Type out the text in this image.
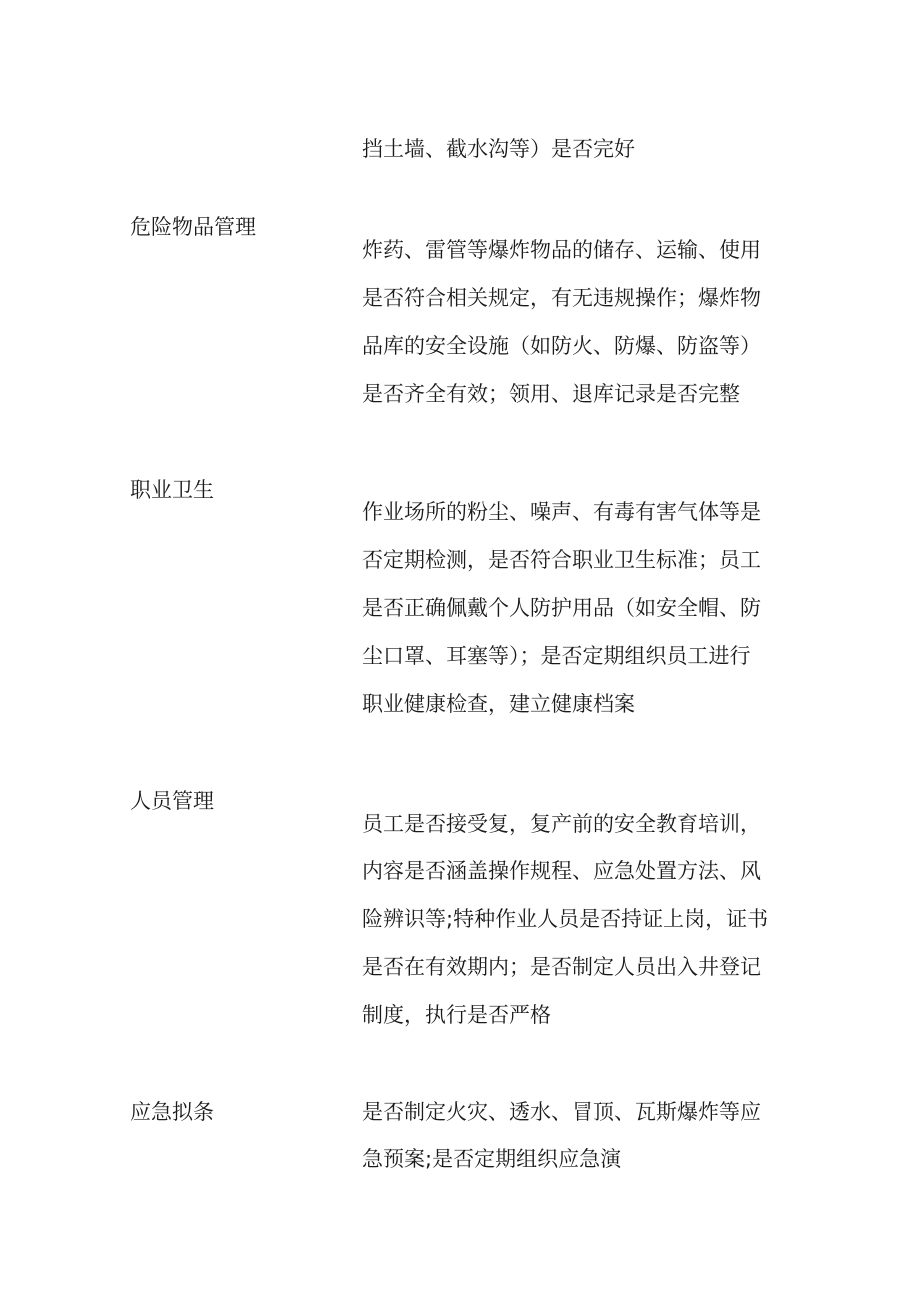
挡土墙、截水沟等）是否完好
危险物品管理
炸药、雷管等爆炸物品的储存、运输、使用
是否符合相关规定，有无违规操作；爆炸物
品库的安全设施（如防火、防爆、防盗等）
是否齐全有效；领用、退库记录是否完整
职业卫生
作业场所的粉尘、噪声、有毒有害气体等是
否定期检测，是否符合职业卫生标准；员工
是否正确佩戴个人防护用品（如安全帽、防
尘口罩、耳塞等）；是否定期组织员工进行
职业健康检查，建立健康档案
人员管理
员工是否接受复，复产前的安全教育培训，
内容是否涵盖操作规程、应急处置方法、风
险辨识等;特种作业人员是否持证上岗，证书
是否在有效期内；是否制定人员出入井登记
制度，执行是否严格
应急拟条	是否制定火灾、透水、冒顶、瓦斯爆炸等应
急预案;是否定期组织应急演
